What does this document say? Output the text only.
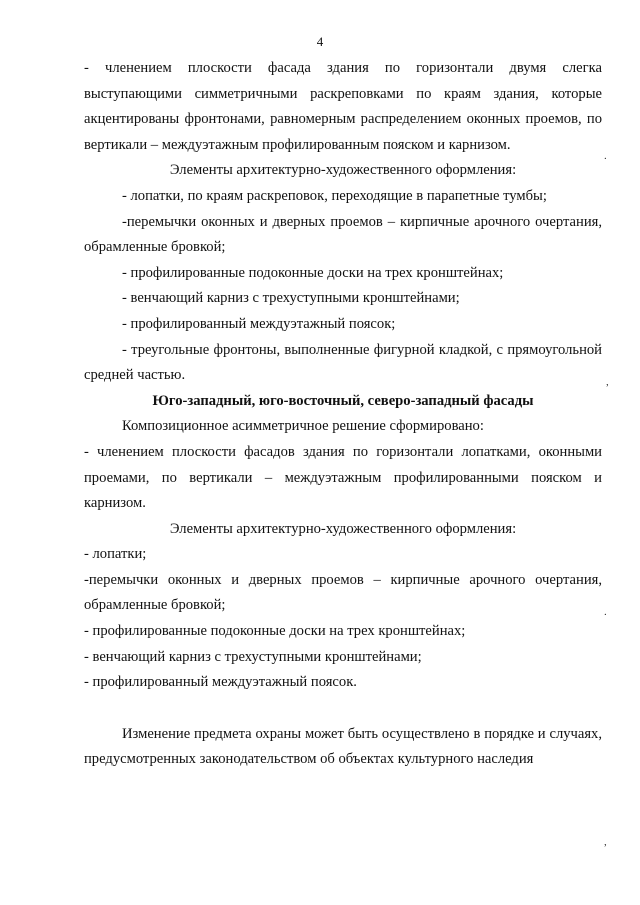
4

- членением плоскости фасада здания по горизонтали двумя слегка выступающими симметричными раскреповками по краям здания, которые акцентированы фронтонами, равномерным распределением оконных проемов, по вертикали – междуэтажным профилированным пояском и карнизом.

Элементы архитектурно-художественного оформления:

- лопатки, по краям раскреповок, переходящие в парапетные тумбы;

-перемычки оконных и дверных проемов – кирпичные арочного очертания, обрамленные бровкой;

- профилированные подоконные доски на трех кронштейнах;

- венчающий карниз с трехуступными кронштейнами;

- профилированный междуэтажный поясок;

- треугольные фронтоны, выполненные фигурной кладкой, с прямоугольной средней частью.

Юго-западный, юго-восточный, северо-западный фасады

Композиционное асимметричное решение сформировано:

- членением плоскости фасадов здания по горизонтали лопатками, оконными проемами, по вертикали – междуэтажным профилированными пояском и карнизом.

Элементы архитектурно-художественного оформления:

- лопатки;

-перемычки оконных и дверных проемов – кирпичные арочного очертания, обрамленные бровкой;

- профилированные подоконные доски на трех кронштейнах;

- венчающий карниз с трехуступными кронштейнами;

- профилированный междуэтажный поясок.

Изменение предмета охраны может быть осуществлено в порядке и случаях, предусмотренных законодательством об объектах культурного наследия

.
,
.
,
